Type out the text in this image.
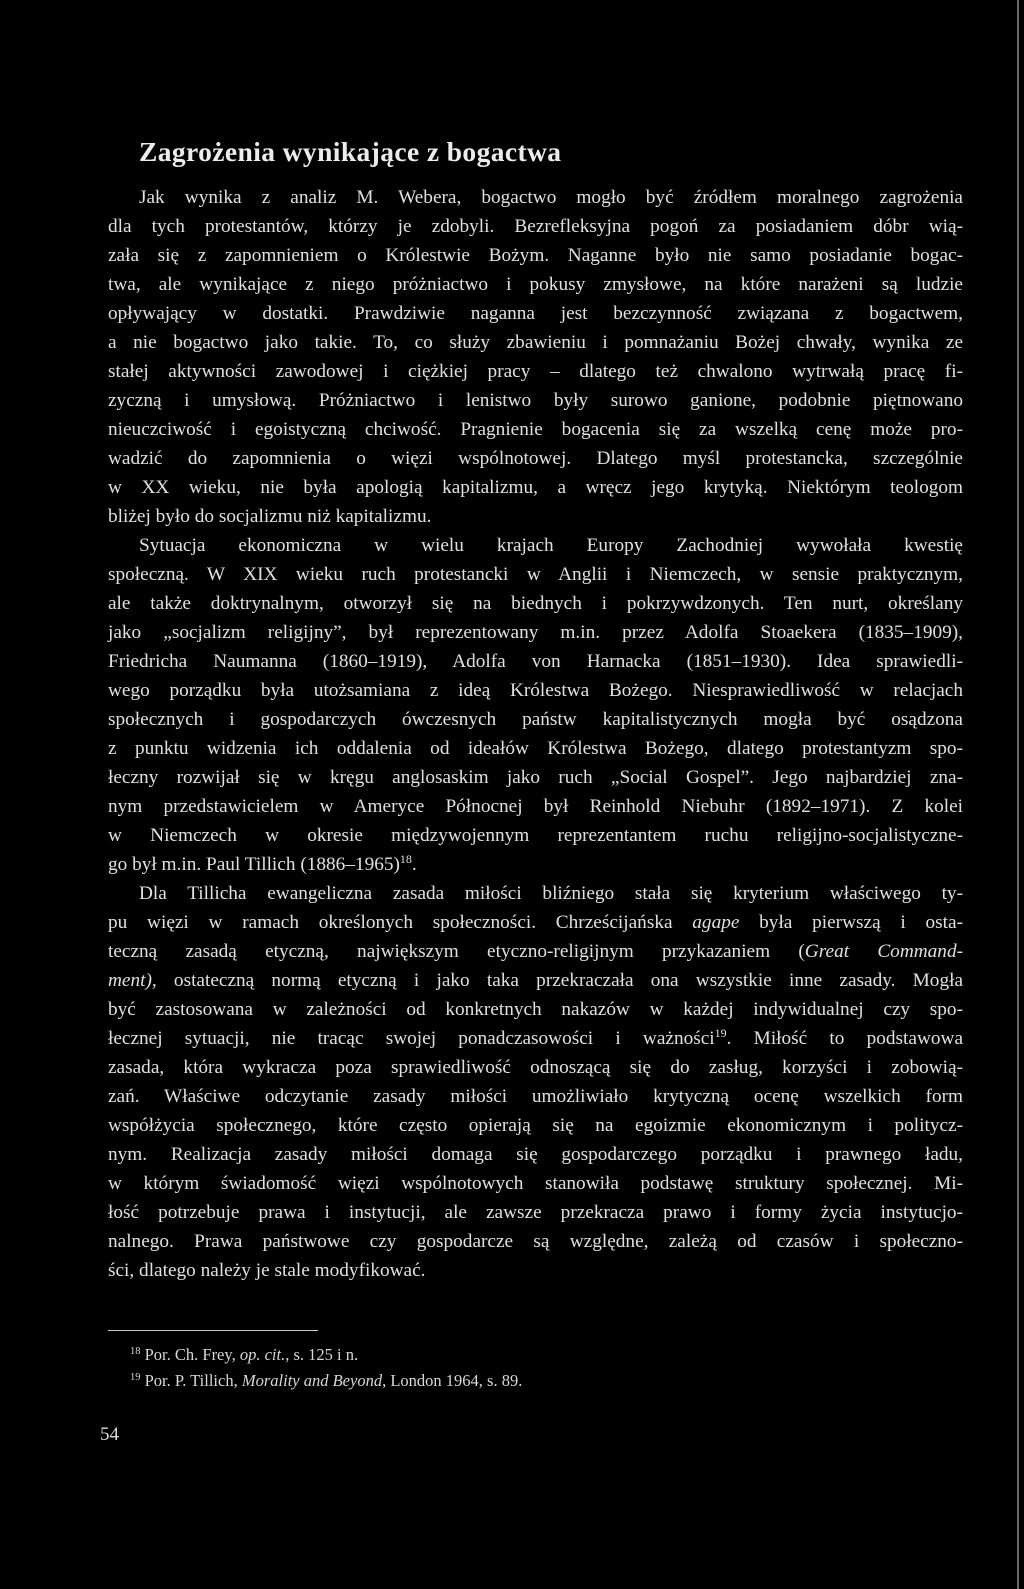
Zagrożenia wynikające z bogactwa
Jak wynika z analiz M. Webera, bogactwo mogło być źródłem moralnego zagrożenia
dla tych protestantów, którzy je zdobyli. Bezrefleksyjna pogoń za posiadaniem dóbr wią-
zała się z zapomnieniem o Królestwie Bożym. Naganne było nie samo posiadanie bogac-
twa, ale wynikające z niego próżniactwo i pokusy zmysłowe, na które narażeni są ludzie
opływający w dostatki. Prawdziwie naganna jest bezczynność związana z bogactwem,
a nie bogactwo jako takie. To, co służy zbawieniu i pomnażaniu Bożej chwały, wynika ze
stałej aktywności zawodowej i ciężkiej pracy – dlatego też chwalono wytrwałą pracę fi-
zyczną i umysłową. Próżniactwo i lenistwo były surowo ganione, podobnie piętnowano
nieuczciwość i egoistyczną chciwość. Pragnienie bogacenia się za wszelką cenę może pro-
wadzić do zapomnienia o więzi wspólnotowej. Dlatego myśl protestancka, szczególnie
w XX wieku, nie była apologią kapitalizmu, a wręcz jego krytyką. Niektórym teologom
bliżej było do socjalizmu niż kapitalizmu.
Sytuacja ekonomiczna w wielu krajach Europy Zachodniej wywołała kwestię
społeczną. W XIX wieku ruch protestancki w Anglii i Niemczech, w sensie praktycznym,
ale także doktrynalnym, otworzył się na biednych i pokrzywdzonych. Ten nurt, określany
jako „socjalizm religijny”, był reprezentowany m.in. przez Adolfa Stoaekera (1835–1909),
Friedricha Naumanna (1860–1919), Adolfa von Harnacka (1851–1930). Idea sprawiedli-
wego porządku była utożsamiana z ideą Królestwa Bożego. Niesprawiedliwość w relacjach
społecznych i gospodarczych ówczesnych państw kapitalistycznych mogła być osądzona
z punktu widzenia ich oddalenia od ideałów Królestwa Bożego, dlatego protestantyzm spo-
łeczny rozwijał się w kręgu anglosaskim jako ruch „Social Gospel”. Jego najbardziej zna-
nym przedstawicielem w Ameryce Północnej był Reinhold Niebuhr (1892–1971). Z kolei
w Niemczech w okresie międzywojennym reprezentantem ruchu religijno-socjalistyczne-
go był m.in. Paul Tillich (1886–1965)$^{18}$.
Dla Tillicha ewangeliczna zasada miłości bliźniego stała się kryterium właściwego ty-
pu więzi w ramach określonych społeczności. Chrześcijańska agape była pierwszą i osta-
teczną zasadą etyczną, największym etyczno-religijnym przykazaniem (Great Command-
ment), ostateczną normą etyczną i jako taka przekraczała ona wszystkie inne zasady. Mogła
być zastosowana w zależności od konkretnych nakazów w każdej indywidualnej czy spo-
łecznej sytuacji, nie tracąc swojej ponadczasowości i ważności$^{19}$. Miłość to podstawowa
zasada, która wykracza poza sprawiedliwość odnoszącą się do zasług, korzyści i zobowią-
zań. Właściwe odczytanie zasady miłości umożliwiało krytyczną ocenę wszelkich form
współżycia społecznego, które często opierają się na egoizmie ekonomicznym i politycz-
nym. Realizacja zasady miłości domaga się gospodarczego porządku i prawnego ładu,
w którym świadomość więzi wspólnotowych stanowiła podstawę struktury społecznej. Mi-
łość potrzebuje prawa i instytucji, ale zawsze przekracza prawo i formy życia instytucjo-
nalnego. Prawa państwowe czy gospodarcze są względne, zależą od czasów i społeczno-
ści, dlatego należy je stale modyfikować.
$^{18}$ Por. Ch. Frey, op. cit., s. 125 i n.
$^{19}$ Por. P. Tillich, Morality and Beyond, London 1964, s. 89.
54
